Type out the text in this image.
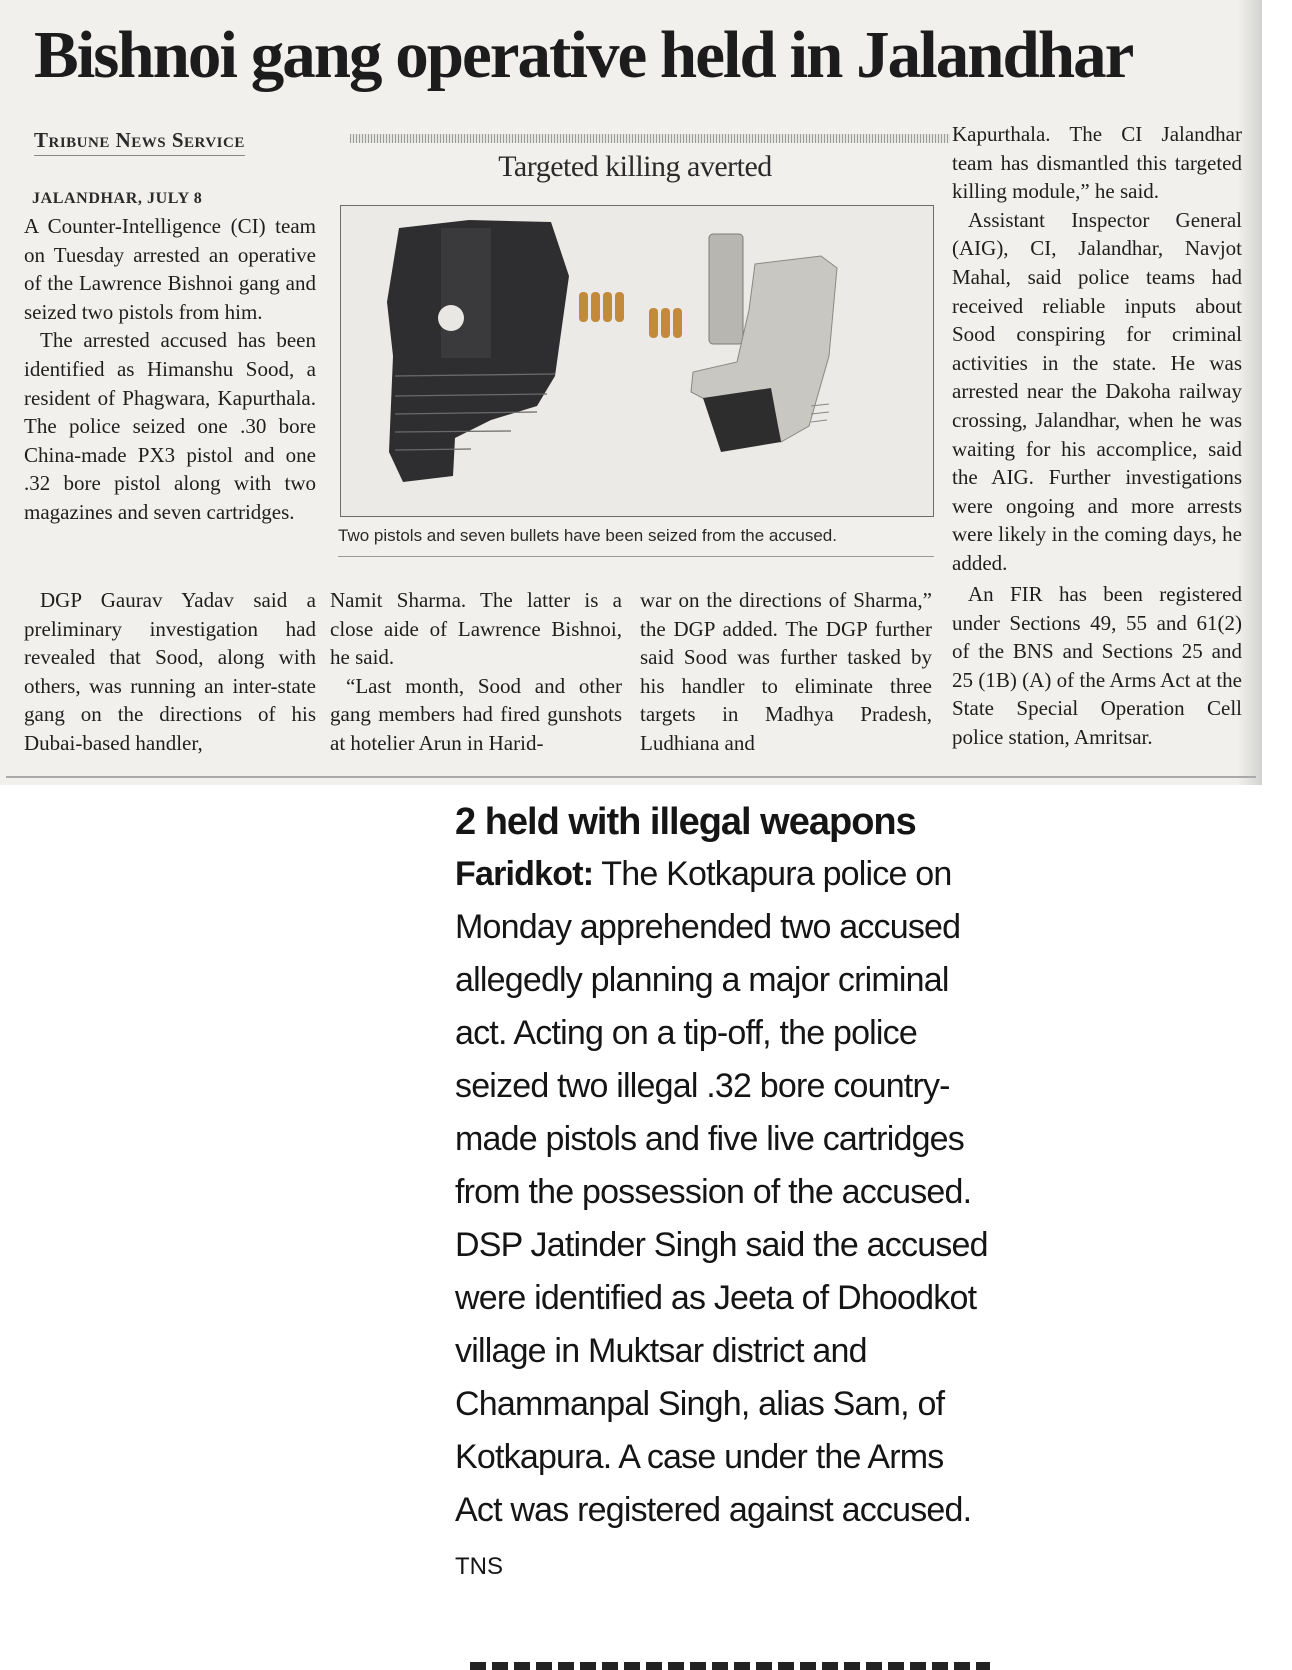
Bishnoi gang operative held in Jalandhar
Tribune News Service
JALANDHAR, JULY 8

A Counter-Intelligence (CI) team on Tuesday arrested an operative of the Lawrence Bishnoi gang and seized two pistols from him.

The arrested accused has been identified as Himanshu Sood, a resident of Phagwara, Kapurthala. The police seized one .30 bore China-made PX3 pistol and one .32 bore pistol along with two magazines and seven cartridges.

DGP Gaurav Yadav said a preliminary investigation had revealed that Sood, along with others, was running an inter-state gang on the directions of his Dubai-based handler,

Targeted killing averted
Two pistols and seven bullets have been seized from the accused.

Namit Sharma. The latter is a close aide of Lawrence Bishnoi, he said.

“Last month, Sood and other gang members had fired gunshots at hotelier Arun in Harid-

war on the directions of Sharma,” the DGP added. The DGP further said Sood was further tasked by his handler to eliminate three targets in Madhya Pradesh, Ludhiana and

Kapurthala. The CI Jalandhar team has dismantled this targeted killing module,” he said.

Assistant Inspector General (AIG), CI, Jalandhar, Navjot Mahal, said police teams had received reliable inputs about Sood conspiring for criminal activities in the state. He was arrested near the Dakoha railway crossing, Jalandhar, when he was waiting for his accomplice, said the AIG. Further investigations were ongoing and more arrests were likely in the coming days, he added.

An FIR has been registered under Sections 49, 55 and 61(2) of the BNS and Sections 25 and 25 (1B) (A) of the Arms Act at the State Special Operation Cell police station, Amritsar.

2 held with illegal weapons
Faridkot: The Kotkapura police on Monday apprehended two accused allegedly planning a major criminal act. Acting on a tip-off, the police seized two illegal .32 bore country-made pistols and five live cartridges from the possession of the accused. DSP Jatinder Singh said the accused were identified as Jeeta of Dhoodkot village in Muktsar district and Chammanpal Singh, alias Sam, of Kotkapura. A case under the Arms Act was registered against accused. TNS
